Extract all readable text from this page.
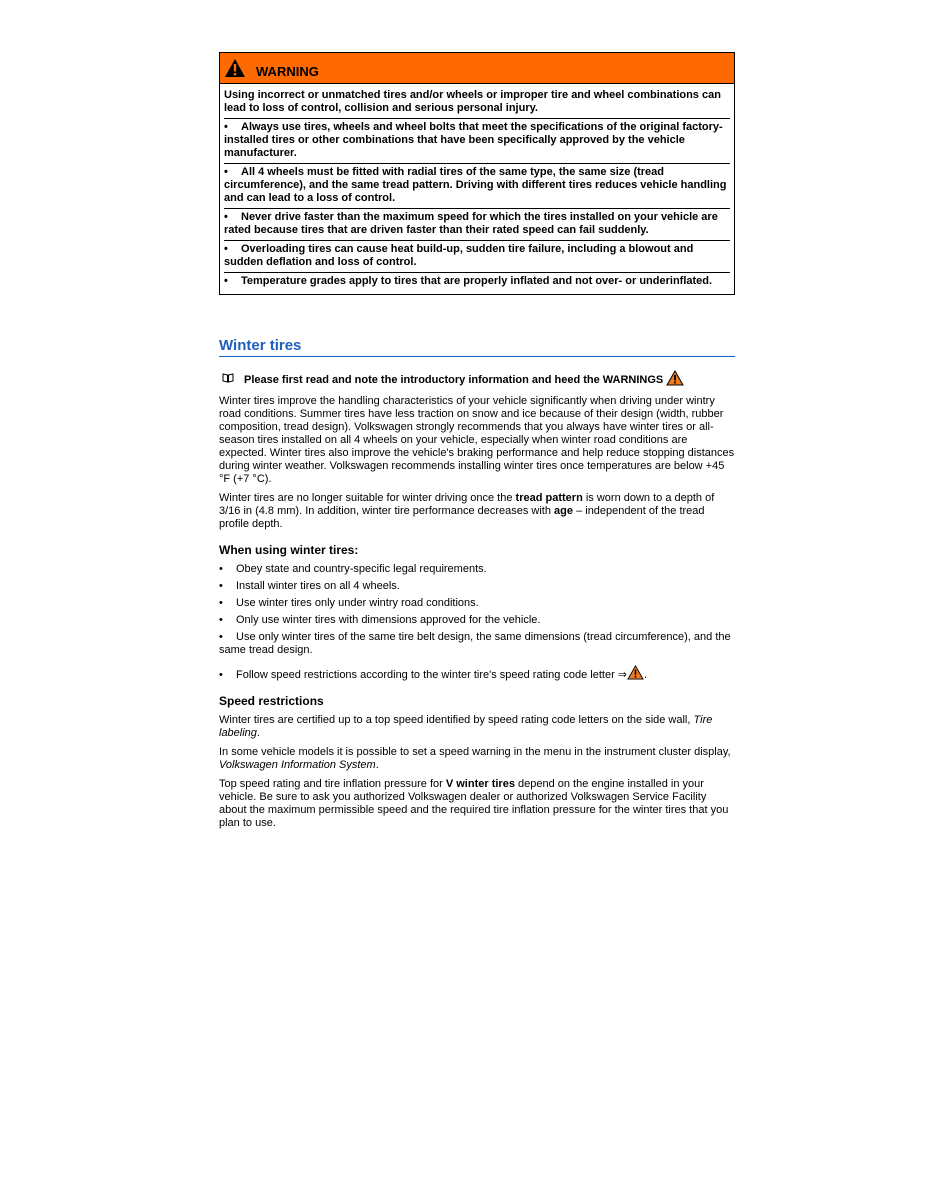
WARNING

Using incorrect or unmatched tires and/or wheels or improper tire and wheel combinations can lead to loss of control, collision and serious personal injury.

• Always use tires, wheels and wheel bolts that meet the specifications of the original factory-installed tires or other combinations that have been specifically approved by the vehicle manufacturer.

• All 4 wheels must be fitted with radial tires of the same type, the same size (tread circumference), and the same tread pattern. Driving with different tires reduces vehicle handling and can lead to a loss of control.

• Never drive faster than the maximum speed for which the tires installed on your vehicle are rated because tires that are driven faster than their rated speed can fail suddenly.

• Overloading tires can cause heat build-up, sudden tire failure, including a blowout and sudden deflation and loss of control.

• Temperature grades apply to tires that are properly inflated and not over- or underinflated.

Winter tires
Please first read and note the introductory information and heed the WARNINGS

Winter tires improve the handling characteristics of your vehicle significantly when driving under wintry road conditions. Summer tires have less traction on snow and ice because of their design (width, rubber composition, tread design). Volkswagen strongly recommends that you always have winter tires or all-season tires installed on all 4 wheels on your vehicle, especially when winter road conditions are expected. Winter tires also improve the vehicle's braking performance and help reduce stopping distances during winter weather. Volkswagen recommends installing winter tires once temperatures are below +45 °F (+7 °C).

Winter tires are no longer suitable for winter driving once the tread pattern is worn down to a depth of 3/16 in (4.8 mm). In addition, winter tire performance decreases with age – independent of the tread profile depth.

When using winter tires:
• Obey state and country-specific legal requirements.
• Install winter tires on all 4 wheels.
• Use winter tires only under wintry road conditions.
• Only use winter tires with dimensions approved for the vehicle.
• Use only winter tires of the same tire belt design, the same dimensions (tread circumference), and the same tread design.
• Follow speed restrictions according to the winter tire's speed rating code letter ⇒ .
Speed restrictions

Winter tires are certified up to a top speed identified by speed rating code letters on the side wall, Tire labeling.

In some vehicle models it is possible to set a speed warning in the menu in the instrument cluster display, Volkswagen Information System.

Top speed rating and tire inflation pressure for V winter tires depend on the engine installed in your vehicle. Be sure to ask you authorized Volkswagen dealer or authorized Volkswagen Service Facility about the maximum permissible speed and the required tire inflation pressure for the winter tires that you plan to use.
